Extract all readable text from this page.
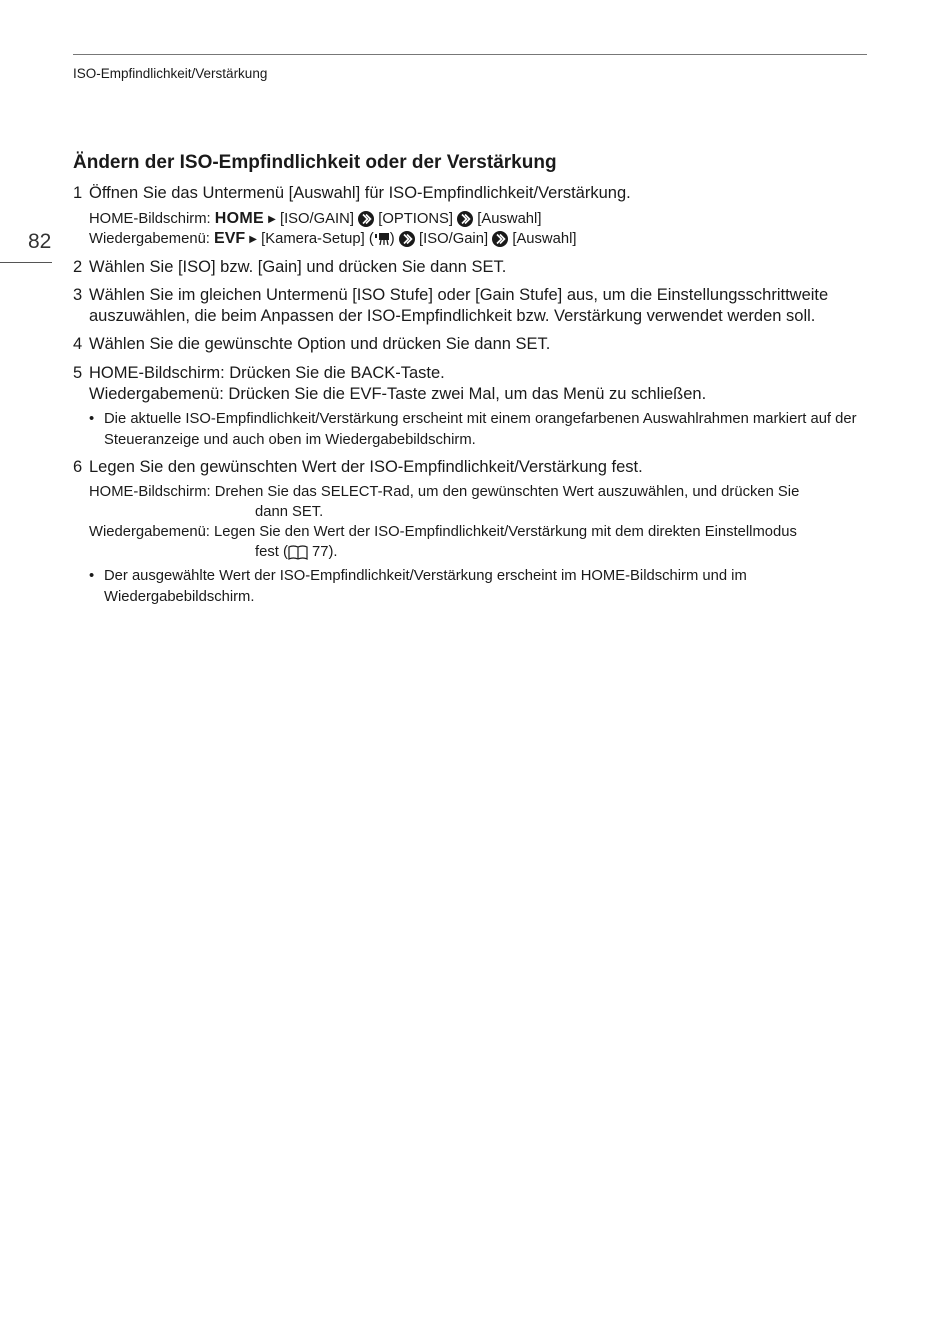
ISO-Empfindlichkeit/Verstärkung
82
Ändern der ISO-Empfindlichkeit oder der Verstärkung
1 Öffnen Sie das Untermenü [Auswahl] für ISO-Empfindlichkeit/Verstärkung.
HOME-Bildschirm: HOME ▶ [ISO/GAIN] [OPTIONS] [Auswahl]
Wiedergabemenü: EVF ▶ [Kamera-Setup] ( ) [ISO/Gain] [Auswahl]
2 Wählen Sie [ISO] bzw. [Gain] und drücken Sie dann SET.
3 Wählen Sie im gleichen Untermenü [ISO Stufe] oder [Gain Stufe] aus, um die Einstellungsschrittweite auszuwählen, die beim Anpassen der ISO-Empfindlichkeit bzw. Verstärkung verwendet werden soll.
4 Wählen Sie die gewünschte Option und drücken Sie dann SET.
5 HOME-Bildschirm: Drücken Sie die BACK-Taste.
Wiedergabemenü: Drücken Sie die EVF-Taste zwei Mal, um das Menü zu schließen.
• Die aktuelle ISO-Empfindlichkeit/Verstärkung erscheint mit einem orangefarbenen Auswahlrahmen markiert auf der Steueranzeige und auch oben im Wiedergabebildschirm.
6 Legen Sie den gewünschten Wert der ISO-Empfindlichkeit/Verstärkung fest.
HOME-Bildschirm: Drehen Sie das SELECT-Rad, um den gewünschten Wert auszuwählen, und drücken Sie
dann SET.
Wiedergabemenü: Legen Sie den Wert der ISO-Empfindlichkeit/Verstärkung mit dem direkten Einstellmodus
fest ( 77).
• Der ausgewählte Wert der ISO-Empfindlichkeit/Verstärkung erscheint im HOME-Bildschirm und im Wiedergabebildschirm.
